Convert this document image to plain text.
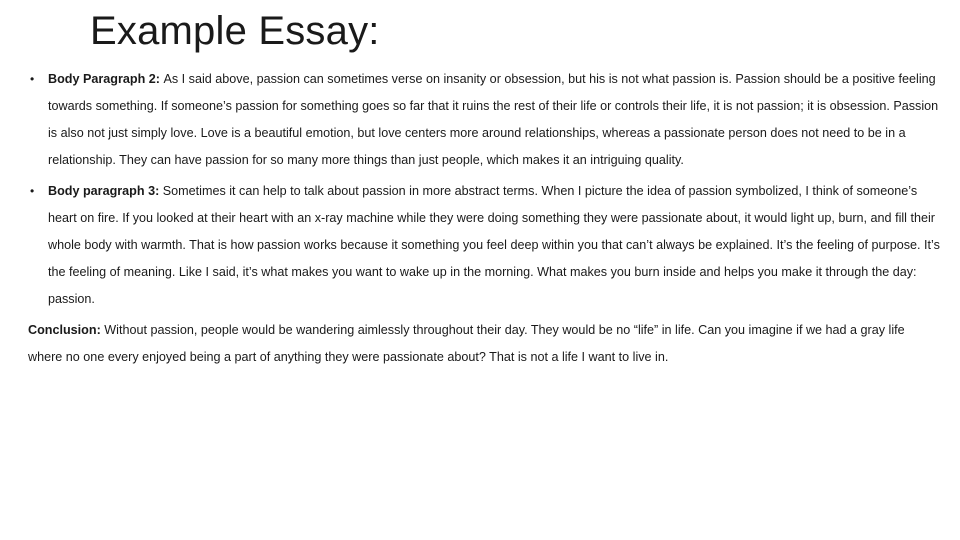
Example Essay:

• Body Paragraph 2: As I said above, passion can sometimes verse on insanity or obsession, but his is not what passion is. Passion should be a positive feeling towards something. If someone’s passion for something goes so far that it ruins the rest of their life or controls their life, it is not passion; it is obsession. Passion is also not just simply love. Love is a beautiful emotion, but love centers more around relationships, whereas a passionate person does not need to be in a relationship. They can have passion for so many more things than just people, which makes it an intriguing quality.

• Body paragraph 3: Sometimes it can help to talk about passion in more abstract terms. When I picture the idea of passion symbolized, I think of someone’s heart on fire. If you looked at their heart with an x-ray machine while they were doing something they were passionate about, it would light up, burn, and fill their whole body with warmth. That is how passion works because it something you feel deep within you that can’t always be explained. It’s the feeling of purpose. It’s the feeling of meaning. Like I said, it’s what makes you want to wake up in the morning. What makes you burn inside and helps you make it through the day: passion.

Conclusion: Without passion, people would be wandering aimlessly throughout their day. They would be no “life” in life. Can you imagine if we had a gray life where no one every enjoyed being a part of anything they were passionate about? That is not a life I want to live in.
